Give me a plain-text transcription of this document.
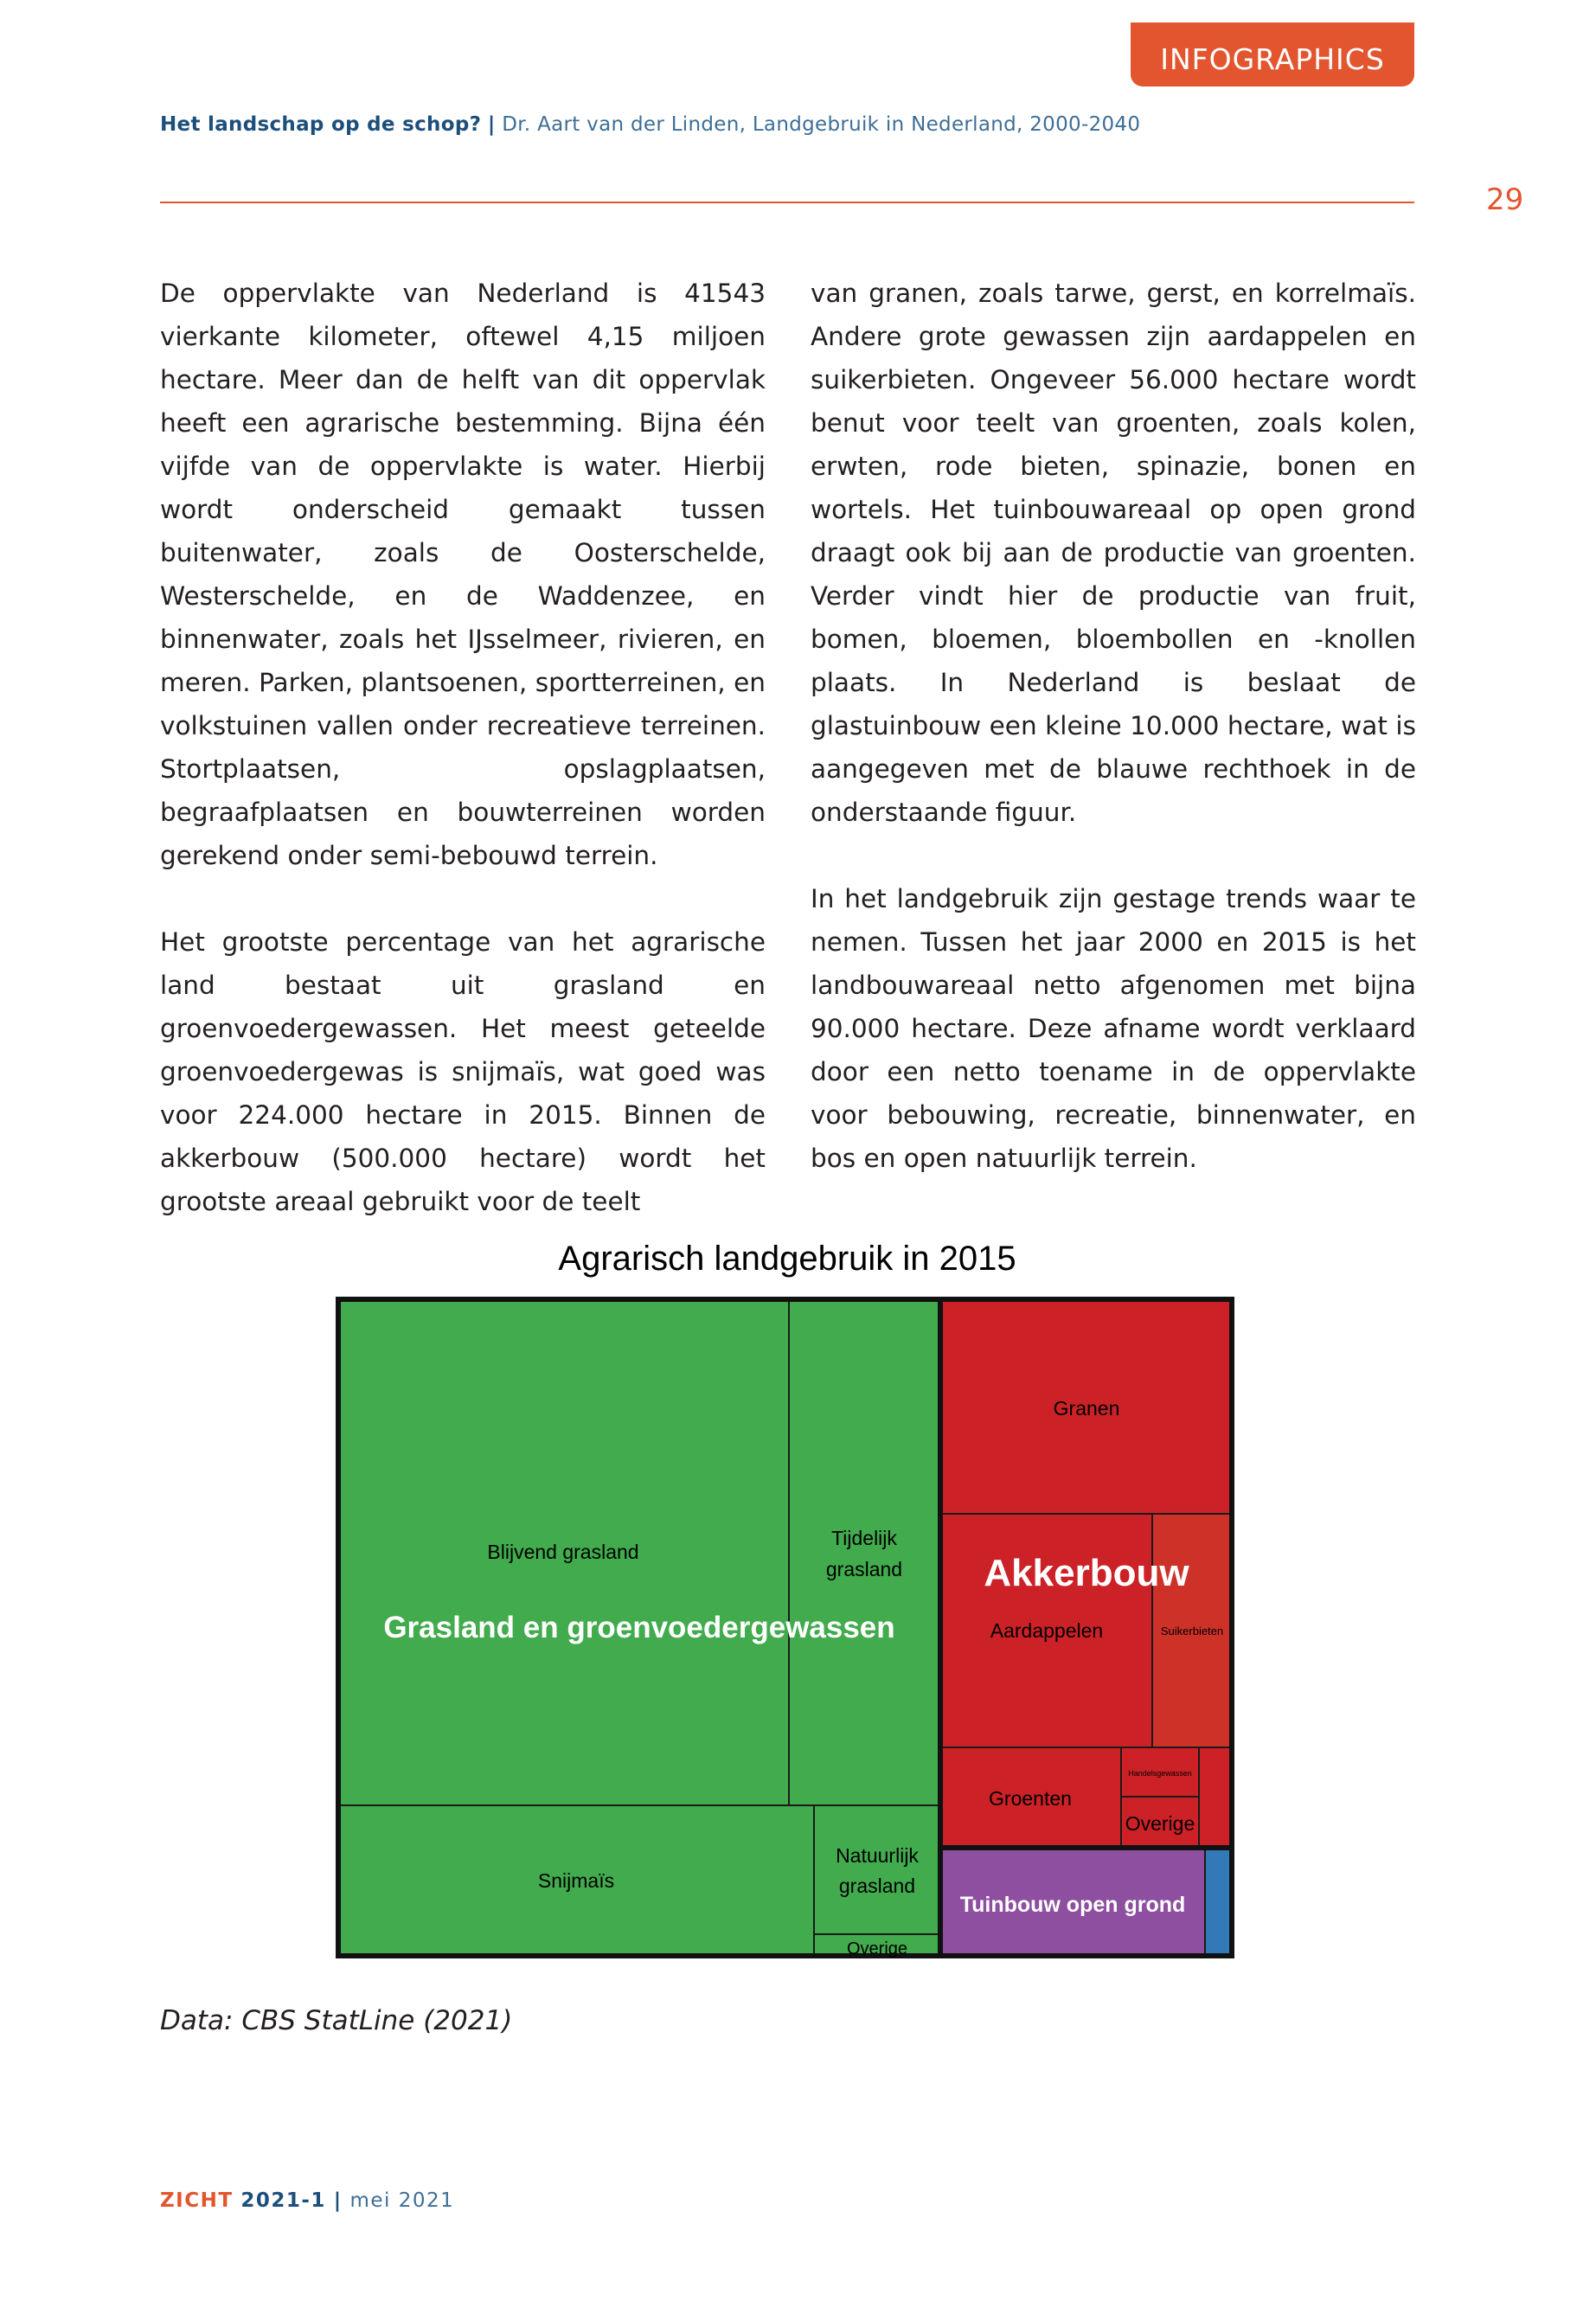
INFOGRAPHICS
Het landschap op de schop? | Dr. Aart van der Linden, Landgebruik in Nederland, 2000-2040
29

De oppervlakte van Nederland is 41543 vierkante kilometer, oftewel 4,15 miljoen hectare. Meer dan de helft van dit oppervlak heeft een agrarische bestemming. Bijna één vijfde van de oppervlakte is water. Hierbij wordt onderscheid gemaakt tussen buitenwater, zoals de Oosterschelde, Westerschelde, en de Waddenzee, en binnenwater, zoals het IJsselmeer, rivieren, en meren. Parken, plantsoenen, sportterreinen, en volkstuinen vallen onder recreatieve terreinen. Stortplaatsen, opslagplaatsen, begraafplaatsen en bouwterreinen worden gerekend onder semi-bebouwd terrein.

Het grootste percentage van het agrarische land bestaat uit grasland en groenvoedergewassen. Het meest geteelde groenvoedergewas is snijmaïs, wat goed was voor 224.000 hectare in 2015. Binnen de akkerbouw (500.000 hectare) wordt het grootste areaal gebruikt voor de teelt

van granen, zoals tarwe, gerst, en korrelmaïs. Andere grote gewassen zijn aardappelen en suikerbieten. Ongeveer 56.000 hectare wordt benut voor teelt van groenten, zoals kolen, erwten, rode bieten, spinazie, bonen en wortels. Het tuinbouwareaal op open grond draagt ook bij aan de productie van groenten. Verder vindt hier de productie van fruit, bomen, bloemen, bloembollen en -knollen plaats. In Nederland is beslaat de glastuinbouw een kleine 10.000 hectare, wat is aangegeven met de blauwe rechthoek in de onderstaande figuur.

In het landgebruik zijn gestage trends waar te nemen. Tussen het jaar 2000 en 2015 is het landbouwareaal netto afgenomen met bijna 90.000 hectare. Deze afname wordt verklaard door een netto toename in de oppervlakte voor bebouwing, recreatie, binnenwater, en bos en open natuurlijk terrein.

Agrarisch landgebruik in 2015
Blijvend grasland
Tijdelijk
grasland
Snijmaïs
Natuurlijk
grasland
Overige
Granen
Aardappelen	Suikerbieten
Groenten
Handelsgewassen
Overige
Grasland en groenvoedergewassen
Akkerbouw
Tuinbouw open grond
Data: CBS StatLine (2021)
ZICHT 2021-1 | mei 2021
